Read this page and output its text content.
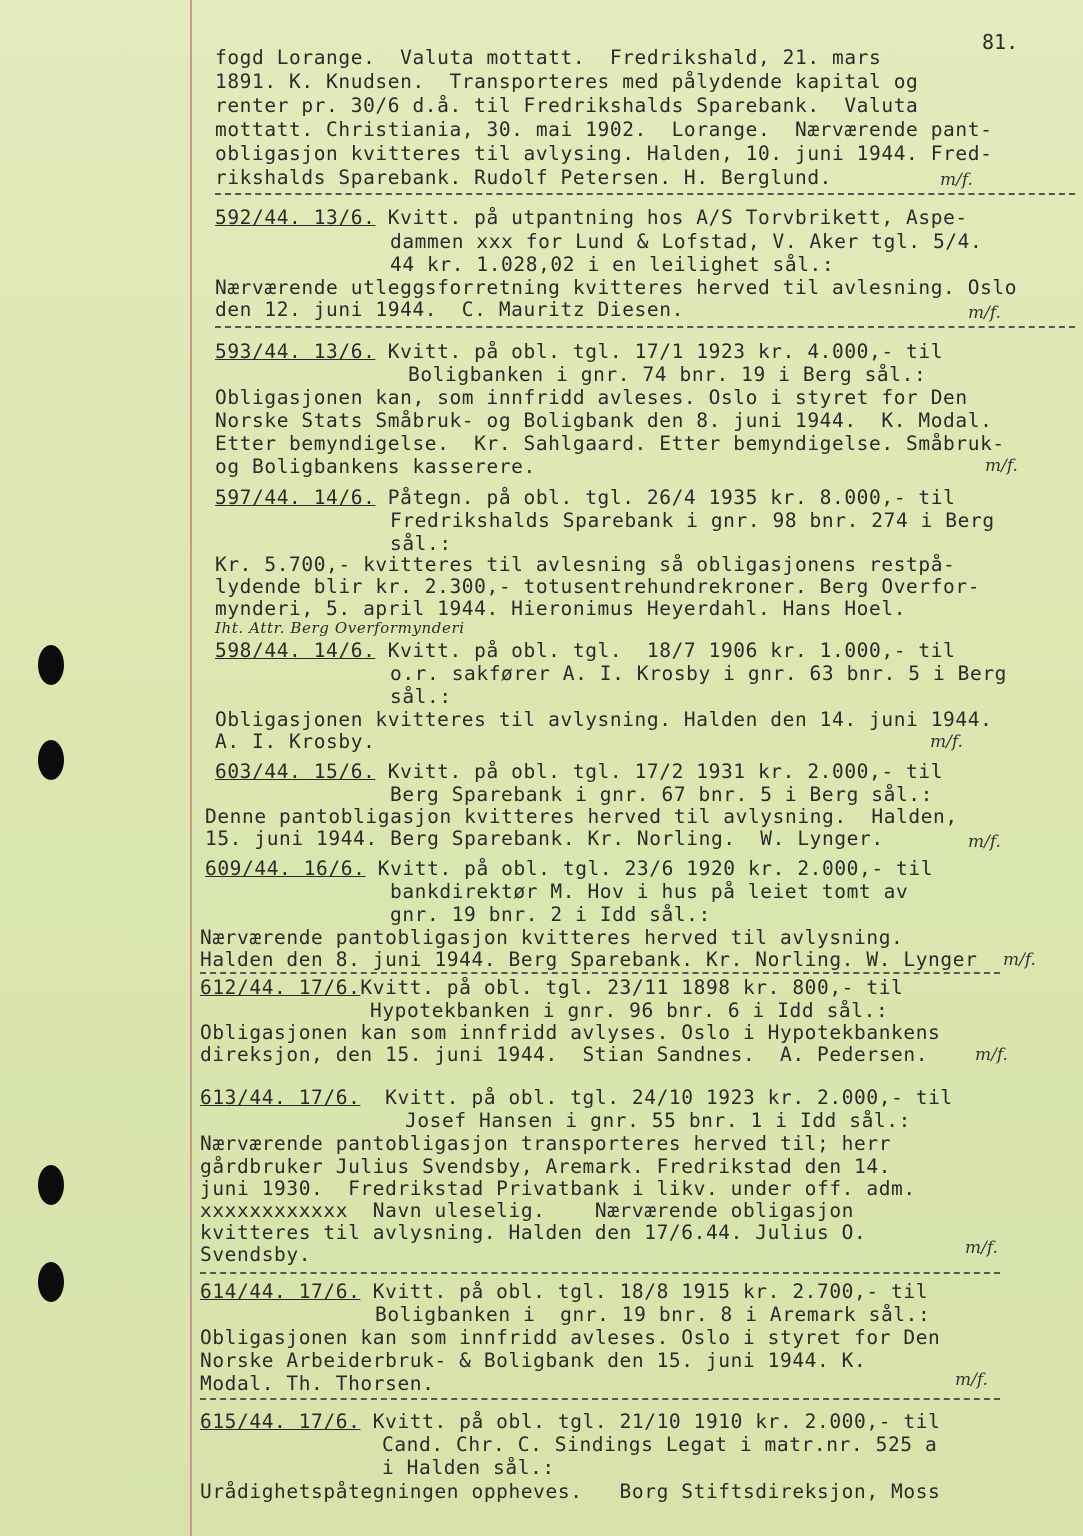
81.
fogd Lorange.  Valuta mottatt.  Fredrikshald, 21. mars
1891. K. Knudsen.  Transporteres med pålydende kapital og
renter pr. 30/6 d.å. til Fredrikshalds Sparebank.  Valuta
mottatt. Christiania, 30. mai 1902.  Lorange.  Nærværende pant-
obligasjon kvitteres til avlysing. Halden, 10. juni 1944. Fred-
rikshalds Sparebank. Rudolf Petersen. H. Berglund.	m/f.
592/44. 13/6. Kvitt. på utpantning hos A/S Torvbrikett, Aspe-
dammen xxx for Lund & Lofstad, V. Aker tgl. 5/4.
44 kr. 1.028,02 i en leilighet sål.:
Nærværende utleggsforretning kvitteres herved til avlesning. Oslo
den 12. juni 1944.  C. Mauritz Diesen.	m/f.
593/44. 13/6. Kvitt. på obl. tgl. 17/1 1923 kr. 4.000,- til
Boligbanken i gnr. 74 bnr. 19 i Berg sål.:
Obligasjonen kan, som innfridd avleses. Oslo i styret for Den
Norske Stats Småbruk- og Boligbank den 8. juni 1944.  K. Modal.
Etter bemyndigelse.  Kr. Sahlgaard. Etter bemyndigelse. Småbruk-
og Boligbankens kasserere.	m/f.
597/44. 14/6. Påtegn. på obl. tgl. 26/4 1935 kr. 8.000,- til
Fredrikshalds Sparebank i gnr. 98 bnr. 274 i Berg
sål.:
Kr. 5.700,- kvitteres til avlesning så obligasjonens restpå-
lydende blir kr. 2.300,- totusentrehundrekroner. Berg Overfor-
mynderi, 5. april 1944. Hieronimus Heyerdahl. Hans Hoel.
Iht. Attr. Berg Overformynderi
598/44. 14/6. Kvitt. på obl. tgl.  18/7 1906 kr. 1.000,- til
o.r. sakfører A. I. Krosby i gnr. 63 bnr. 5 i Berg
sål.:
Obligasjonen kvitteres til avlysning. Halden den 14. juni 1944.
A. I. Krosby.	m/f.
603/44. 15/6. Kvitt. på obl. tgl. 17/2 1931 kr. 2.000,- til
Berg Sparebank i gnr. 67 bnr. 5 i Berg sål.:
Denne pantobligasjon kvitteres herved til avlysning.  Halden,
15. juni 1944. Berg Sparebank. Kr. Norling.  W. Lynger.	m/f.
609/44. 16/6. Kvitt. på obl. tgl. 23/6 1920 kr. 2.000,- til
bankdirektør M. Hov i hus på leiet tomt av
gnr. 19 bnr. 2 i Idd sål.:
Nærværende pantobligasjon kvitteres herved til avlysning.
Halden den 8. juni 1944. Berg Sparebank. Kr. Norling. W. Lynger m/f.
612/44. 17/6.Kvitt. på obl. tgl. 23/11 1898 kr. 800,- til
Hypotekbanken i gnr. 96 bnr. 6 i Idd sål.:
Obligasjonen kan som innfridd avlyses. Oslo i Hypotekbankens
direksjon, den 15. juni 1944.  Stian Sandnes.  A. Pedersen.	m/f.
613/44. 17/6. Kvitt. på obl. tgl. 24/10 1923 kr. 2.000,- til
Josef Hansen i gnr. 55 bnr. 1 i Idd sål.:
Nærværende pantobligasjon transporteres herved til; herr
gårdbruker Julius Svendsby, Aremark. Fredrikstad den 14.
juni 1930.  Fredrikstad Privatbank i likv. under off. adm.
xxxxxxxxxxxx  Navn uleselig.    Nærværende obligasjon
kvitteres til avlysning. Halden den 17/6.44. Julius O.
Svendsby.	m/f.
614/44. 17/6. Kvitt. på obl. tgl. 18/8 1915 kr. 2.700,- til
Boligbanken i  gnr. 19 bnr. 8 i Aremark sål.:
Obligasjonen kan som innfridd avleses. Oslo i styret for Den
Norske Arbeiderbruk- & Boligbank den 15. juni 1944. K.
Modal. Th. Thorsen.	m/f.
615/44. 17/6. Kvitt. på obl. tgl. 21/10 1910 kr. 2.000,- til
Cand. Chr. C. Sindings Legat i matr.nr. 525 a
i Halden sål.:
Urådighetspåtegningen oppheves.   Borg Stiftsdireksjon, Moss
